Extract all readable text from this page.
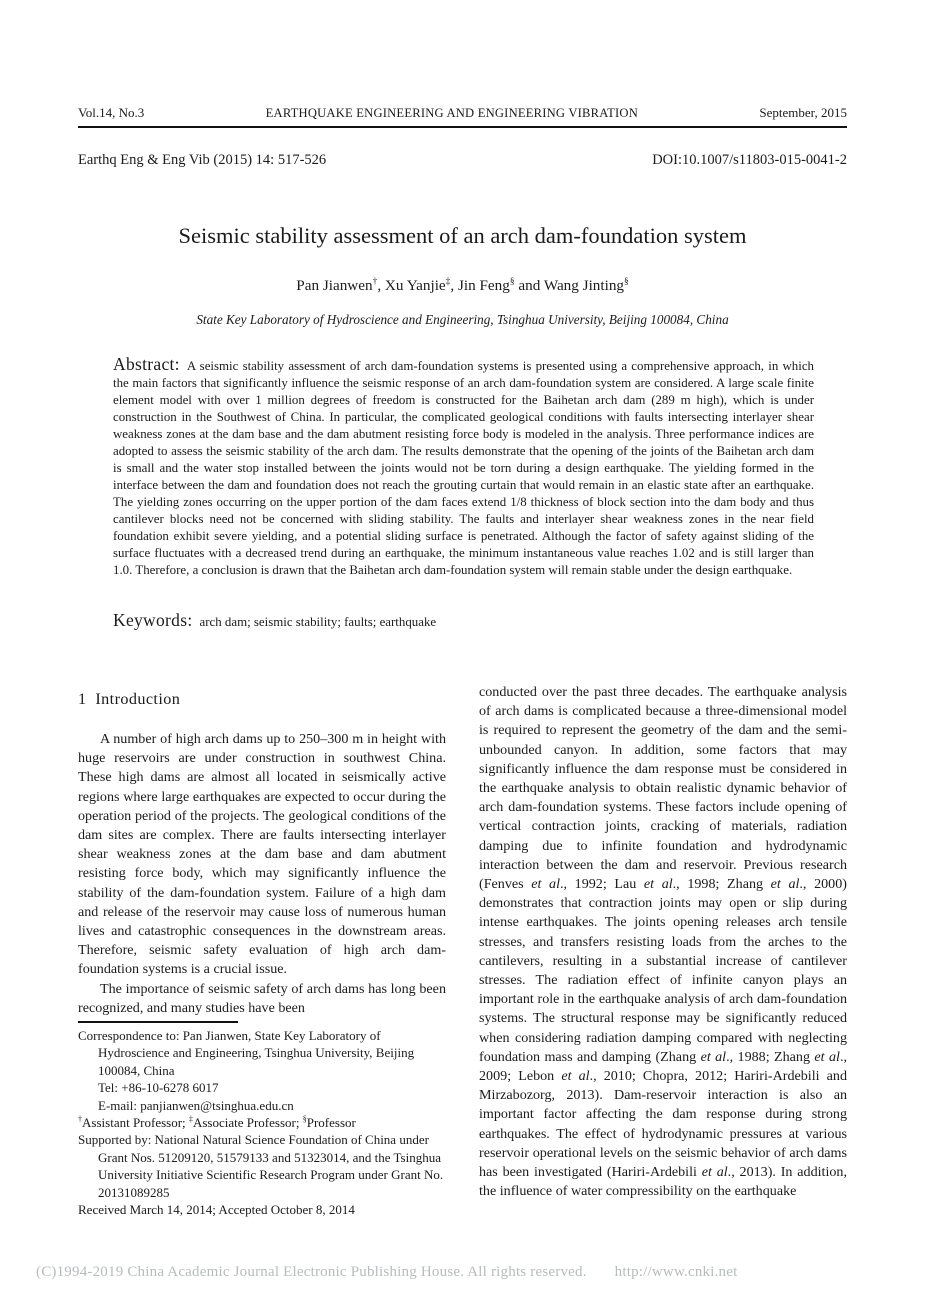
Vol.14, No.3	EARTHQUAKE ENGINEERING AND ENGINEERING VIBRATION	September, 2015
Earthq Eng & Eng Vib (2015) 14: 517-526	DOI:10.1007/s11803-015-0041-2
Seismic stability assessment of an arch dam-foundation system
Pan Jianwen†, Xu Yanjie‡, Jin Feng§ and Wang Jinting§
State Key Laboratory of Hydroscience and Engineering, Tsinghua University, Beijing 100084, China

Abstract: A seismic stability assessment of arch dam-foundation systems is presented using a comprehensive approach, in which the main factors that significantly influence the seismic response of an arch dam-foundation system are considered. A large scale finite element model with over 1 million degrees of freedom is constructed for the Baihetan arch dam (289 m high), which is under construction in the Southwest of China. In particular, the complicated geological conditions with faults intersecting interlayer shear weakness zones at the dam base and the dam abutment resisting force body is modeled in the analysis. Three performance indices are adopted to assess the seismic stability of the arch dam. The results demonstrate that the opening of the joints of the Baihetan arch dam is small and the water stop installed between the joints would not be torn during a design earthquake. The yielding formed in the interface between the dam and foundation does not reach the grouting curtain that would remain in an elastic state after an earthquake. The yielding zones occurring on the upper portion of the dam faces extend 1/8 thickness of block section into the dam body and thus cantilever blocks need not be concerned with sliding stability. The faults and interlayer shear weakness zones in the near field foundation exhibit severe yielding, and a potential sliding surface is penetrated. Although the factor of safety against sliding of the surface fluctuates with a decreased trend during an earthquake, the minimum instantaneous value reaches 1.02 and is still larger than 1.0. Therefore, a conclusion is drawn that the Baihetan arch dam-foundation system will remain stable under the design earthquake.

Keywords: arch dam; seismic stability; faults; earthquake

1  Introduction

A number of high arch dams up to 250–300 m in height with huge reservoirs are under construction in southwest China. These high dams are almost all located in seismically active regions where large earthquakes are expected to occur during the operation period of the projects. The geological conditions of the dam sites are complex. There are faults intersecting interlayer shear weakness zones at the dam base and dam abutment resisting force body, which may significantly influence the stability of the dam-foundation system. Failure of a high dam and release of the reservoir may cause loss of numerous human lives and catastrophic consequences in the downstream areas. Therefore, seismic safety evaluation of high arch dam-foundation systems is a crucial issue.

The importance of seismic safety of arch dams has long been recognized, and many studies have been

Correspondence to: Pan Jianwen, State Key Laboratory of Hydroscience and Engineering, Tsinghua University, Beijing 100084, China
Tel: +86-10-6278 6017
E-mail: panjianwen@tsinghua.edu.cn
†Assistant Professor; ‡Associate Professor; §Professor
Supported by: National Natural Science Foundation of China under Grant Nos. 51209120, 51579133 and 51323014, and the Tsinghua University Initiative Scientific Research Program under Grant No. 20131089285
Received March 14, 2014; Accepted October 8, 2014

conducted over the past three decades. The earthquake analysis of arch dams is complicated because a three-dimensional model is required to represent the geometry of the dam and the semi-unbounded canyon. In addition, some factors that may significantly influence the dam response must be considered in the earthquake analysis to obtain realistic dynamic behavior of arch dam-foundation systems. These factors include opening of vertical contraction joints, cracking of materials, radiation damping due to infinite foundation and hydrodynamic interaction between the dam and reservoir. Previous research (Fenves et al., 1992; Lau et al., 1998; Zhang et al., 2000) demonstrates that contraction joints may open or slip during intense earthquakes. The joints opening releases arch tensile stresses, and transfers resisting loads from the arches to the cantilevers, resulting in a substantial increase of cantilever stresses. The radiation effect of infinite canyon plays an important role in the earthquake analysis of arch dam-foundation systems. The structural response may be significantly reduced when considering radiation damping compared with neglecting foundation mass and damping (Zhang et al., 1988; Zhang et al., 2009; Lebon et al., 2010; Chopra, 2012; Hariri-Ardebili and Mirzabozorg, 2013). Dam-reservoir interaction is also an important factor affecting the dam response during strong earthquakes. The effect of hydrodynamic pressures at various reservoir operational levels on the seismic behavior of arch dams has been investigated (Hariri-Ardebili et al., 2013). In addition, the influence of water compressibility on the earthquake

(C)1994-2019 China Academic Journal Electronic Publishing House. All rights reserved. http://www.cnki.net
